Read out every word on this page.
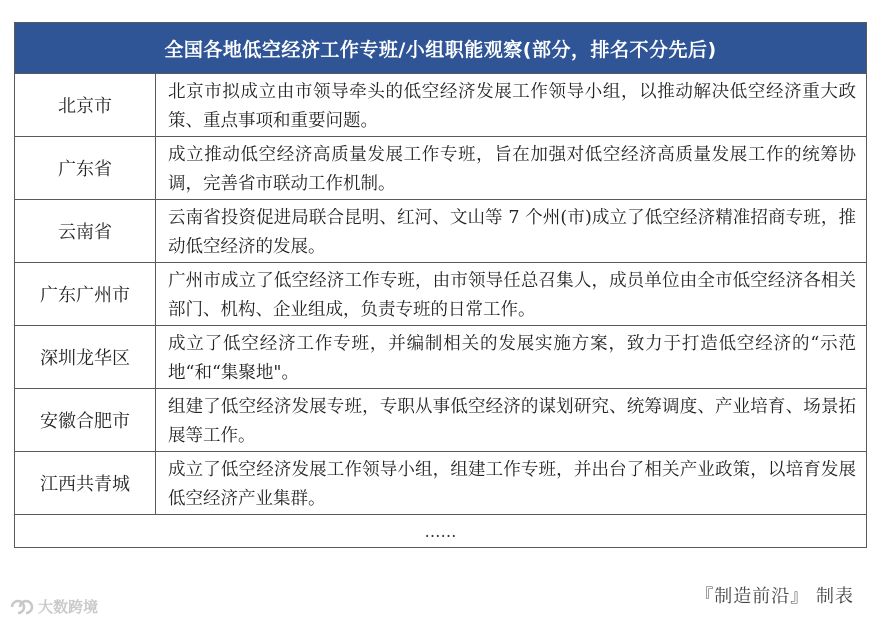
全国各地低空经济工作专班/小组职能观察(部分，排名不分先后)
北京市
北京市拟成立由市领导牵头的低空经济发展工作领导小组，以推动解决低空经济重大政策、重点事项和重要问题。
广东省
成立推动低空经济高质量发展工作专班，旨在加强对低空经济高质量发展工作的统筹协调，完善省市联动工作机制。
云南省
云南省投资促进局联合昆明、红河、文山等 7 个州(市)成立了低空经济精准招商专班，推动低空经济的发展。
广东广州市
广州市成立了低空经济工作专班，由市领导任总召集人，成员单位由全市低空经济各相关部门、机构、企业组成，负责专班的日常工作。
深圳龙华区
成立了低空经济工作专班，并编制相关的发展实施方案，致力于打造低空经济的“示范地“和“集聚地"。
安徽合肥市
组建了低空经济发展专班，专职从事低空经济的谋划研究、统筹调度、产业培育、场景拓展等工作。
江西共青城
成立了低空经济发展工作领导小组，组建工作专班，并出台了相关产业政策，以培育发展低空经济产业集群。
……
『制造前沿』 制表
大数跨境
